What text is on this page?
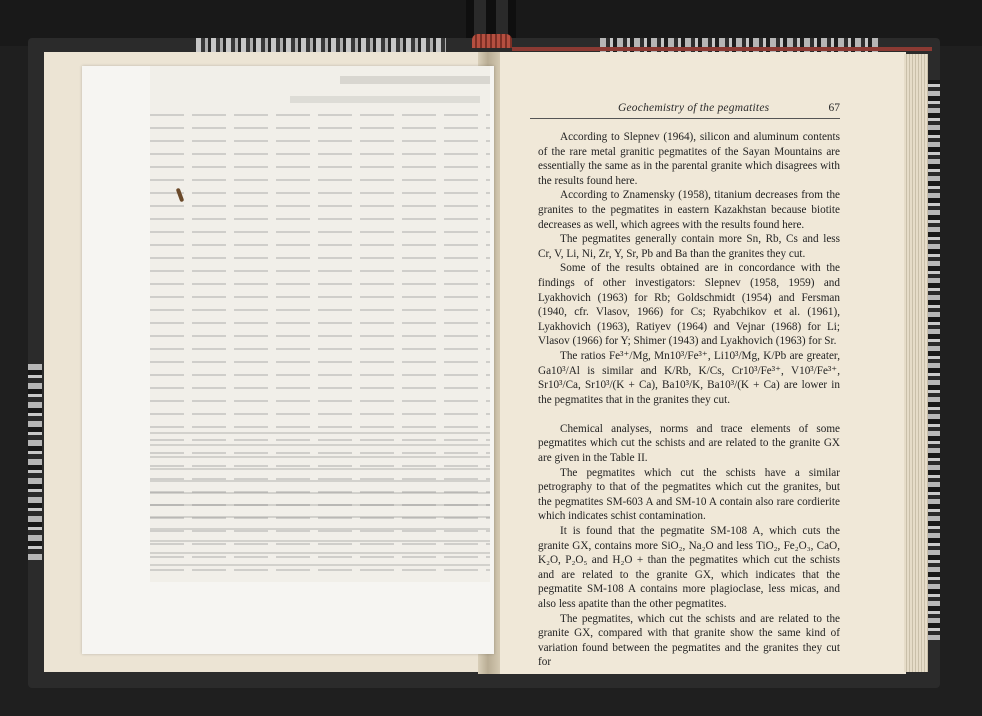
Geochemistry of the pegmatites	67

According to Slepnev (1964), silicon and aluminum contents of the rare metal granitic pegmatites of the Sayan Mountains are essentially the same as in the parental granite which disagrees with the results found here.

According to Znamensky (1958), titanium decreases from the granites to the pegmatites in eastern Kazakhstan because biotite decreases as well, which agrees with the results found here.

The pegmatites generally contain more Sn, Rb, Cs and less Cr, V, Li, Ni, Zr, Y, Sr, Pb and Ba than the granites they cut.

Some of the results obtained are in concordance with the findings of other investigators: Slepnev (1958, 1959) and Lyakhovich (1963) for Rb; Goldschmidt (1954) and Fersman (1940, cfr. Vlasov, 1966) for Cs; Ryabchikov et al. (1961), Lyakhovich (1963), Ratiyev (1964) and Vejnar (1968) for Li; Vlasov (1966) for Y; Shimer (1943) and Lyakhovich (1963) for Sr.

The ratios Fe³⁺/Mg, Mn10³/Fe³⁺, Li10³/Mg, K/Pb are greater, Ga10³/Al is similar and K/Rb, K/Cs, Cr10³/Fe³⁺, V10³/Fe³⁺, Sr10³/Ca, Sr10³/(K + Ca), Ba10³/K, Ba10³/(K + Ca) are lower in the pegmatites that in the granites they cut.

Chemical analyses, norms and trace elements of some pegmatites which cut the schists and are related to the granite GX are given in the Table II.

The pegmatites which cut the schists have a similar petrography to that of the pegmatites which cut the granites, but the pegmatites SM-603 A and SM-10 A contain also rare cordierite which indicates schist contamination.

It is found that the pegmatite SM-108 A, which cuts the granite GX, contains more SiO₂, Na₂O and less TiO₂, Fe₂O₃, CaO, K₂O, P₂O₅ and H₂O + than the pegmatites which cut the schists and are related to the granite GX, which indicates that the pegmatite SM-108 A contains more plagioclase, less micas, and also less apatite than the other pegmatites.

The pegmatites, which cut the schists and are related to the granite GX, compared with that granite show the same kind of variation found between the pegmatites and the granites they cut for
